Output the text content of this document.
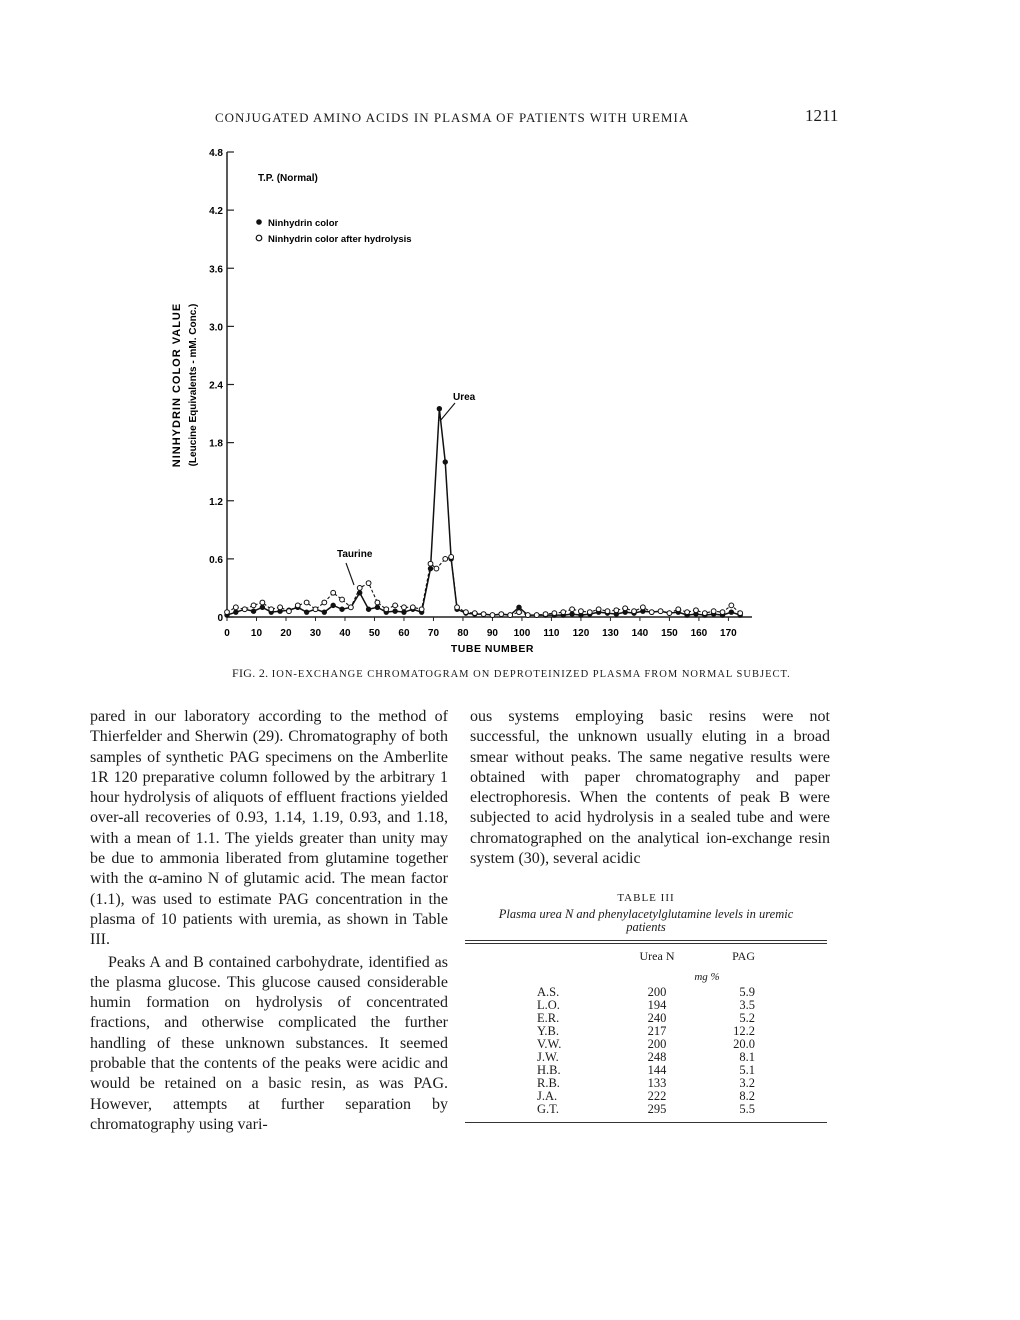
CONJUGATED AMINO ACIDS IN PLASMA OF PATIENTS WITH UREMIA	1211
0
0.6
1.2
1.8
2.4
3.0
3.6
4.2
4.8
0 10 20 30 40 50 60 70 80 90 100 110 120 130 140 150 160 170
TUBE NUMBER
NINHYDRIN COLOR VALUE (Leucine Equivalents - mM. Conc.)
T.P. (Normal)
Ninhydrin color
Ninhydrin color after hydrolysis
Taurine
Urea
FIG. 2. ION-EXCHANGE CHROMATOGRAM ON DEPROTEINIZED PLASMA FROM NORMAL SUBJECT.

pared in our laboratory according to the method of Thierfelder and Sherwin (29). Chromatography of both samples of synthetic PAG specimens on the Amberlite 1R 120 preparative column followed by the arbitrary 1 hour hydrolysis of aliquots of effluent fractions yielded over-all recoveries of 0.93, 1.14, 1.19, 0.93, and 1.18, with a mean of 1.1. The yields greater than unity may be due to ammonia liberated from glutamine together with the α-amino N of glutamic acid. The mean factor (1.1), was used to estimate PAG concentration in the plasma of 10 patients with uremia, as shown in Table III.

Peaks A and B contained carbohydrate, identified as the plasma glucose. This glucose caused considerable humin formation on hydrolysis of concentrated fractions, and otherwise complicated the further handling of these unknown substances. It seemed probable that the contents of the peaks were acidic and would be retained on a basic resin, as was PAG. However, attempts at further separation by chromatography using vari-

ous systems employing basic resins were not successful, the unknown usually eluting in a broad smear without peaks. The same negative results were obtained with paper chromatography and paper electrophoresis. When the contents of peak B were subjected to acid hydrolysis in a sealed tube and were chromatographed on the analytical ion-exchange resin system (30), several acidic

TABLE III
Plasma urea N and phenylacetylglutamine levels in uremic patients
	Urea N	PAG
	mg %	
A.S.	200	5.9
L.O.	194	3.5
E.R.	240	5.2
Y.B.	217	12.2
V.W.	200	20.0
J.W.	248	8.1
H.B.	144	5.1
R.B.	133	3.2
J.A.	222	8.2
G.T.	295	5.5
